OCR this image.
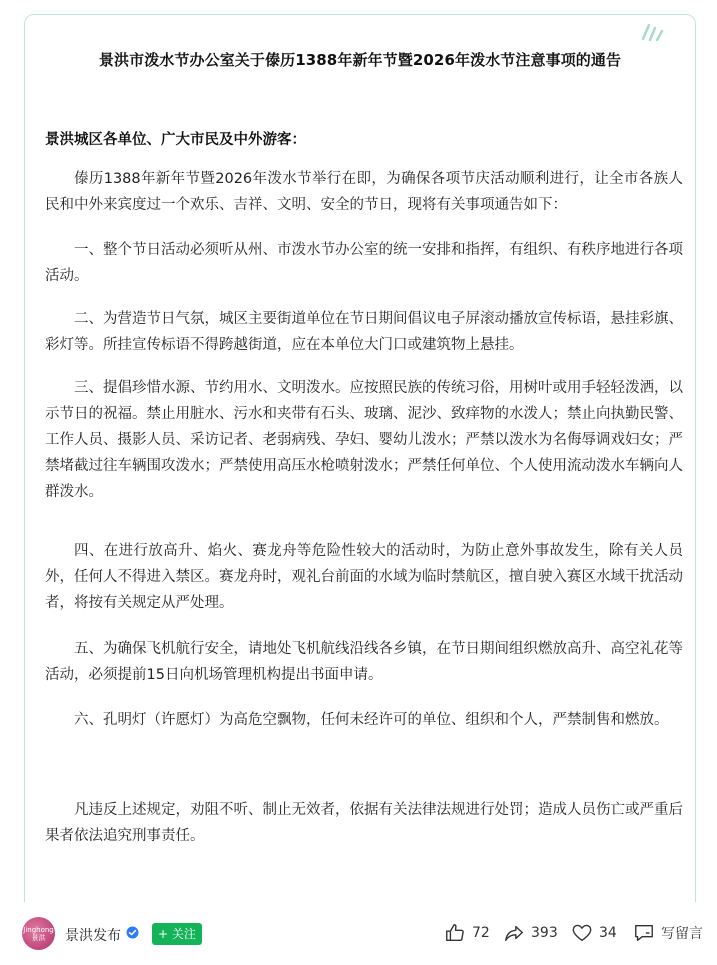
景洪市泼水节办公室关于傣历1388年新年节暨2026年泼水节注意事项的通告
景洪城区各单位、广大市民及中外游客：

傣历1388年新年节暨2026年泼水节举行在即，为确保各项节庆活动顺利进行，让全市各族人民和中外来宾度过一个欢乐、吉祥、文明、安全的节日，现将有关事项通告如下：

一、整个节日活动必须听从州、市泼水节办公室的统一安排和指挥，有组织、有秩序地进行各项活动。

二、为营造节日气氛，城区主要街道单位在节日期间倡议电子屏滚动播放宣传标语，悬挂彩旗、彩灯等。所挂宣传标语不得跨越街道，应在本单位大门口或建筑物上悬挂。

三、提倡珍惜水源、节约用水、文明泼水。应按照民族的传统习俗，用树叶或用手轻轻泼洒，以示节日的祝福。禁止用脏水、污水和夹带有石头、玻璃、泥沙、致痒物的水泼人；禁止向执勤民警、工作人员、摄影人员、采访记者、老弱病残、孕妇、婴幼儿泼水；严禁以泼水为名侮辱调戏妇女；严禁堵截过往车辆围攻泼水；严禁使用高压水枪喷射泼水；严禁任何单位、个人使用流动泼水车辆向人群泼水。

四、在进行放高升、焰火、赛龙舟等危险性较大的活动时，为防止意外事故发生，除有关人员外，任何人不得进入禁区。赛龙舟时，观礼台前面的水域为临时禁航区，擅自驶入赛区水域干扰活动者，将按有关规定从严处理。

五、为确保飞机航行安全，请地处飞机航线沿线各乡镇，在节日期间组织燃放高升、高空礼花等活动，必须提前15日向机场管理机构提出书面申请。

六、孔明灯（许愿灯）为高危空飘物，任何未经许可的单位、组织和个人，严禁制售和燃放。

凡违反上述规定，劝阻不听、制止无效者，依据有关法律法规进行处罚；造成人员伤亡或严重后果者依法追究刑事责任。

Jinghong 景洪	景洪发布	+ 关注	72	393	34	写留言
